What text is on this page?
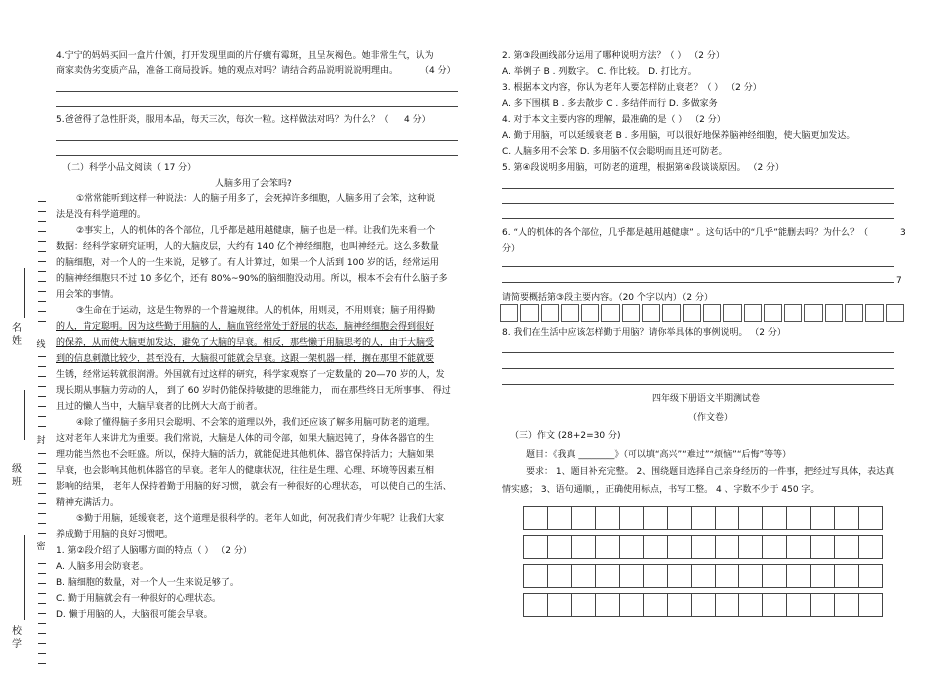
名 姓
级 班
校 学
线
封
密
4.宁宁的妈妈买回一盒片什颁，打开发现里面的片仔癀有霉斑，且呈灰褐色。她非常生气，认为
商家卖伪劣变质产品，准备工商局投诉。她的观点对吗？请结合药品说明说说明理由。 （4 分）
5.爸爸得了急性肝炎，服用本品，每天三次，每次一粒。这样做法对吗？为什么？（ 4 分）
（二）科学小品文阅读（ 17 分）
人脑多用了会笨吗?
①常常能听到这样一种说法：人的脑子用多了，会死掉许多细胞，人脑多用了会笨，这种说
法是没有科学道理的。
②事实上，人的机体的各个部位，几乎都是越用越健康，脑子也是一样。让我们先来看一个
数据：经科学家研究证明，人的大脑皮层，大约有 140 亿个神经细胞，也叫神经元。这么多数量
的脑细胞，对一个人的一生来说，足够了。有人计算过，如果一个人活到 100 岁的话，经常运用
的脑神经细胞只不过 10 多亿个，还有 80%~90%的脑细胞没动用。所以，根本不会有什么脑子多
用会笨的事情。
③生命在于运动，这是生物界的一个普遍规律。人的机体，用则灵，不用则衰；脑子用得勤
的人，肯定聪明。因为这些勤于用脑的人，脑血管经常处于舒展的状态，脑神经细胞会得到很好
的保养，从而使大脑更加发达，避免了大脑的早衰。相反，那些懒于用脑思考的人，由于大脑受
到的信息刺激比较少，甚至没有，大脑很可能就会早衰。这跟一架机器一样，搁在那里不能就要
生锈，经常运转就很润滑。外国就有过这样的研究，科学家观察了一定数量的 20—70 岁的人，发
现长期从事脑力劳动的人， 到了 60 岁时仍能保持敏捷的思维能力， 而在那些终日无所事事、 得过
且过的懒人当中，大脑早衰者的比例大大高于前者。
④除了懂得脑子多用只会聪明、不会笨的道理以外，我们还应该了解多用脑可防老的道理。
这对老年人来讲尤为重要。我们常说，大脑是人体的司令部，如果大脑迟钝了，身体各器官的生
理功能当然也不会旺盛。所以，保持大脑的活力，就能促进其他机体、器官保持活力；大脑如果
早衰，也会影响其他机体器官的早衰。老年人的健康状况，往往是生理、心理、环境等因素互相
影响的结果， 老年人保持着勤于用脑的好习惯， 就会有一种很好的心理状态， 可以使自己的生活、
精神充满活力。
⑤勤于用脑，延缓衰老，这个道理是很科学的。老年人如此，何况我们青少年呢？让我们大家
养成勤于用脑的良好习惯吧。
1. 第②段介绍了人脑哪方面的特点（ ） （2 分）
A. 人脑多用会防衰老。
B. 脑细胞的数量，对一个人一生来说足够了。
C. 勤于用脑就会有一种很好的心理状态。
D. 懒于用脑的人，大脑很可能会早衰。
2. 第③段画线部分运用了哪种说明方法？（ ） （2 分）
A. 举例子 B . 列数字。 C. 作比较。 D. 打比方。
3. 根据本文内容，你认为老年人要怎样防止衰老？（ ） （2 分）
A. 多下围棋 B . 多去散步 C . 多结伴而行 D. 多做家务
4. 对于本文主要内容的理解，最准确的是（ ） （2 分）
A. 勤于用脑，可以延缓衰老 B . 多用脑，可以很好地保养脑神经细胞，使大脑更加发达。
C. 人脑多用不会笨 D. 多用脑不仅会聪明而且还可防老。
5. 第④段说明多用脑，可防老的道理，根据第④段谈谈原因。 （2 分）
6. “人的机体的各个部位，几乎都是越用越健康” 。这句话中的“几乎”能删去吗？为什么？（	3
分）
7
请简要概括第③段主要内容。（20 个字以内）（2 分）
8. 我们在生活中应该怎样勤于用脑？请你举具体的事例说明。 （2 分）
四年级下册语文半期测试卷
（作文卷）
（三）作文 (28+2=30 分)
题目：《我真 ________》（可以填“高兴”“难过”“烦恼”“后悔”等等）
要求： 1、题目补充完整。 2、围绕题目选择自己亲身经历的一件事，把经过写具体，表达真
情实感； 3、语句通顺，，正确使用标点，书写工整。 4 、字数不少于 450 字。
